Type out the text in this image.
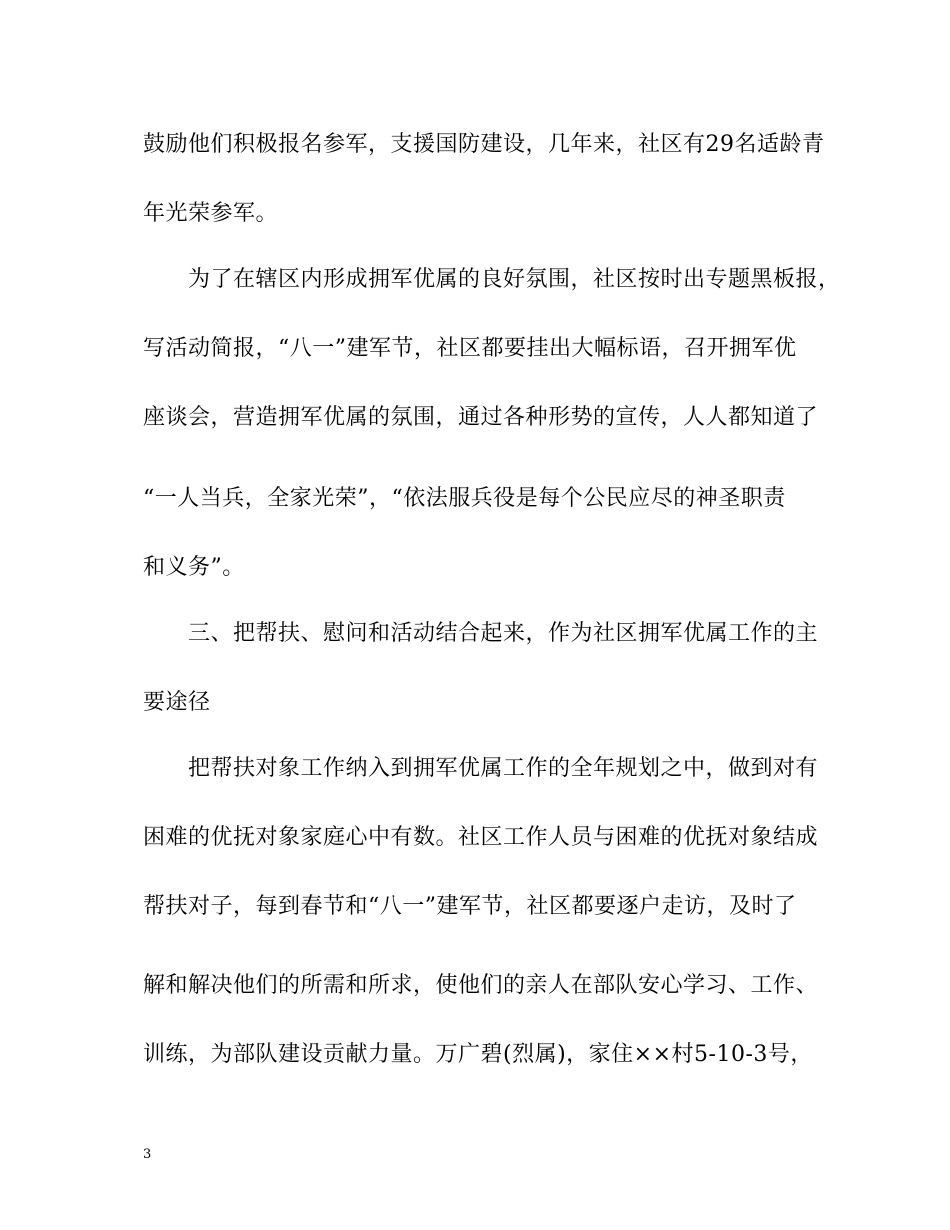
鼓励他们积极报名参军，支援国防建设，几年来，社区有29名适龄青
年光荣参军。
为了在辖区内形成拥军优属的良好氛围，社区按时出专题黑板报，
写活动简报，“八一”建军节，社区都要挂出大幅标语，召开拥军优
座谈会，营造拥军优属的氛围，通过各种形势的宣传，人人都知道了
“一人当兵，全家光荣”，“依法服兵役是每个公民应尽的神圣职责
和义务”。
三、把帮扶、慰问和活动结合起来，作为社区拥军优属工作的主
要途径
把帮扶对象工作纳入到拥军优属工作的全年规划之中，做到对有
困难的优抚对象家庭心中有数。社区工作人员与困难的优抚对象结成
帮扶对子，每到春节和“八一”建军节，社区都要逐户走访，及时了
解和解决他们的所需和所求，使他们的亲人在部队安心学习、工作、
训练，为部队建设贡献力量。万广碧(烈属)，家住××村5-10-3号，
3
